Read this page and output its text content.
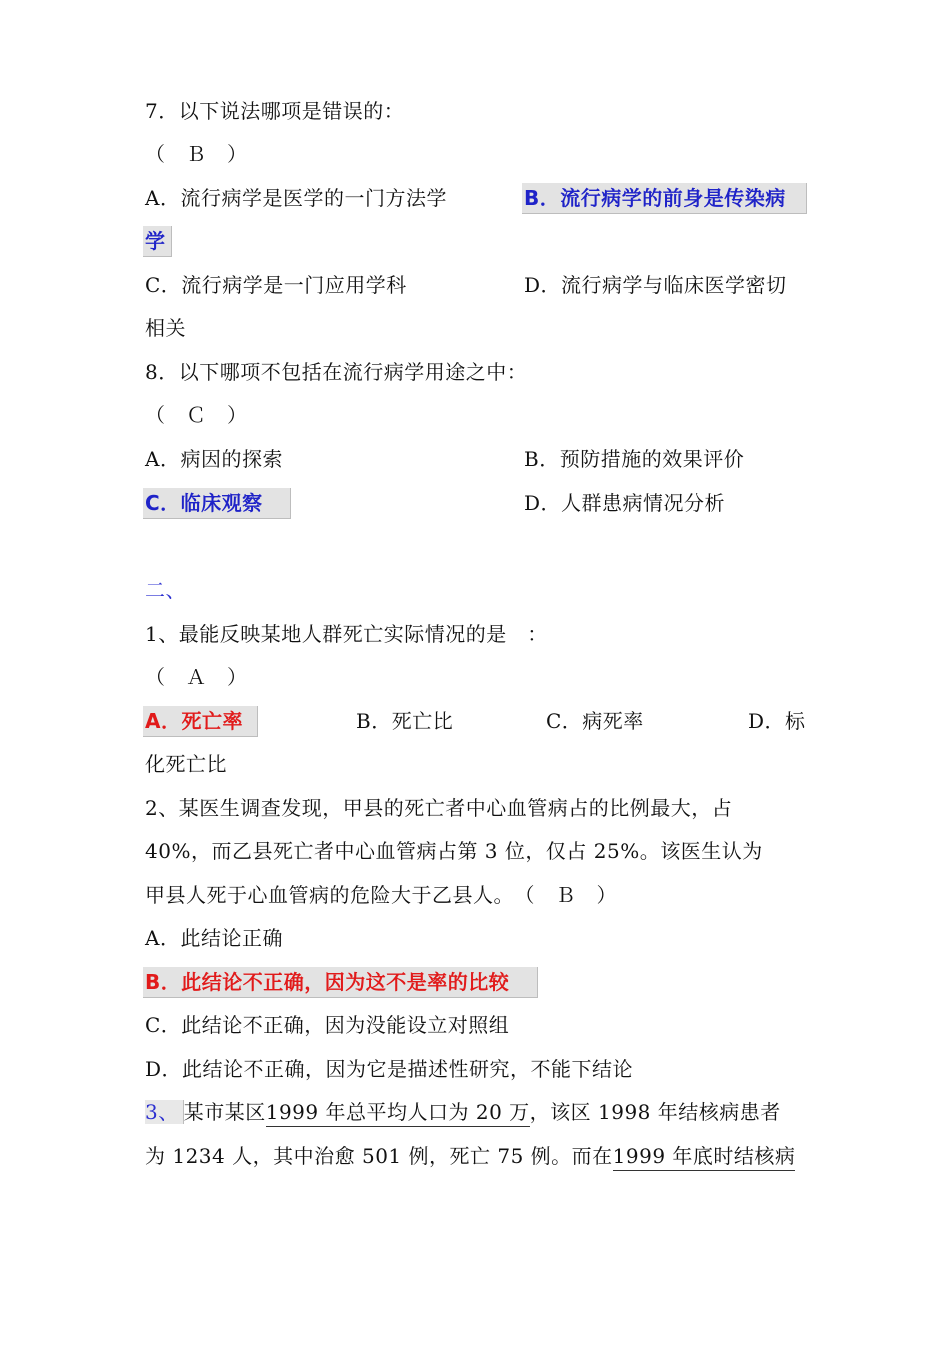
7．以下说法哪项是错误的：
（　Ｂ　）
A．流行病学是医学的一门方法学	B．流行病学的前身是传染病
学
C．流行病学是一门应用学科	D．流行病学与临床医学密切
相关
8．以下哪项不包括在流行病学用途之中：
（　Ｃ　）
A．病因的探索	B．预防措施的效果评价
C．临床观察	D．人群患病情况分析
二、
1、最能反映某地人群死亡实际情况的是　：
（　Ａ　）
A．死亡率	B．死亡比	C．病死率	D．标
化死亡比
2、某医生调查发现，甲县的死亡者中心血管病占的比例最大，占
40%，而乙县死亡者中心血管病占第 3 位，仅占 25%。该医生认为
甲县人死于心血管病的危险大于乙县人。　（　Ｂ　）
A．此结论正确
B．此结论不正确，因为这不是率的比较
C．此结论不正确，因为没能设立对照组
D．此结论不正确，因为它是描述性研究，不能下结论
3、 某市某区1999 年总平均人口为 20 万，该区 1998 年结核病患者
为 1234 人，其中治愈 501 例，死亡 75 例。而在1999 年底时结核病
